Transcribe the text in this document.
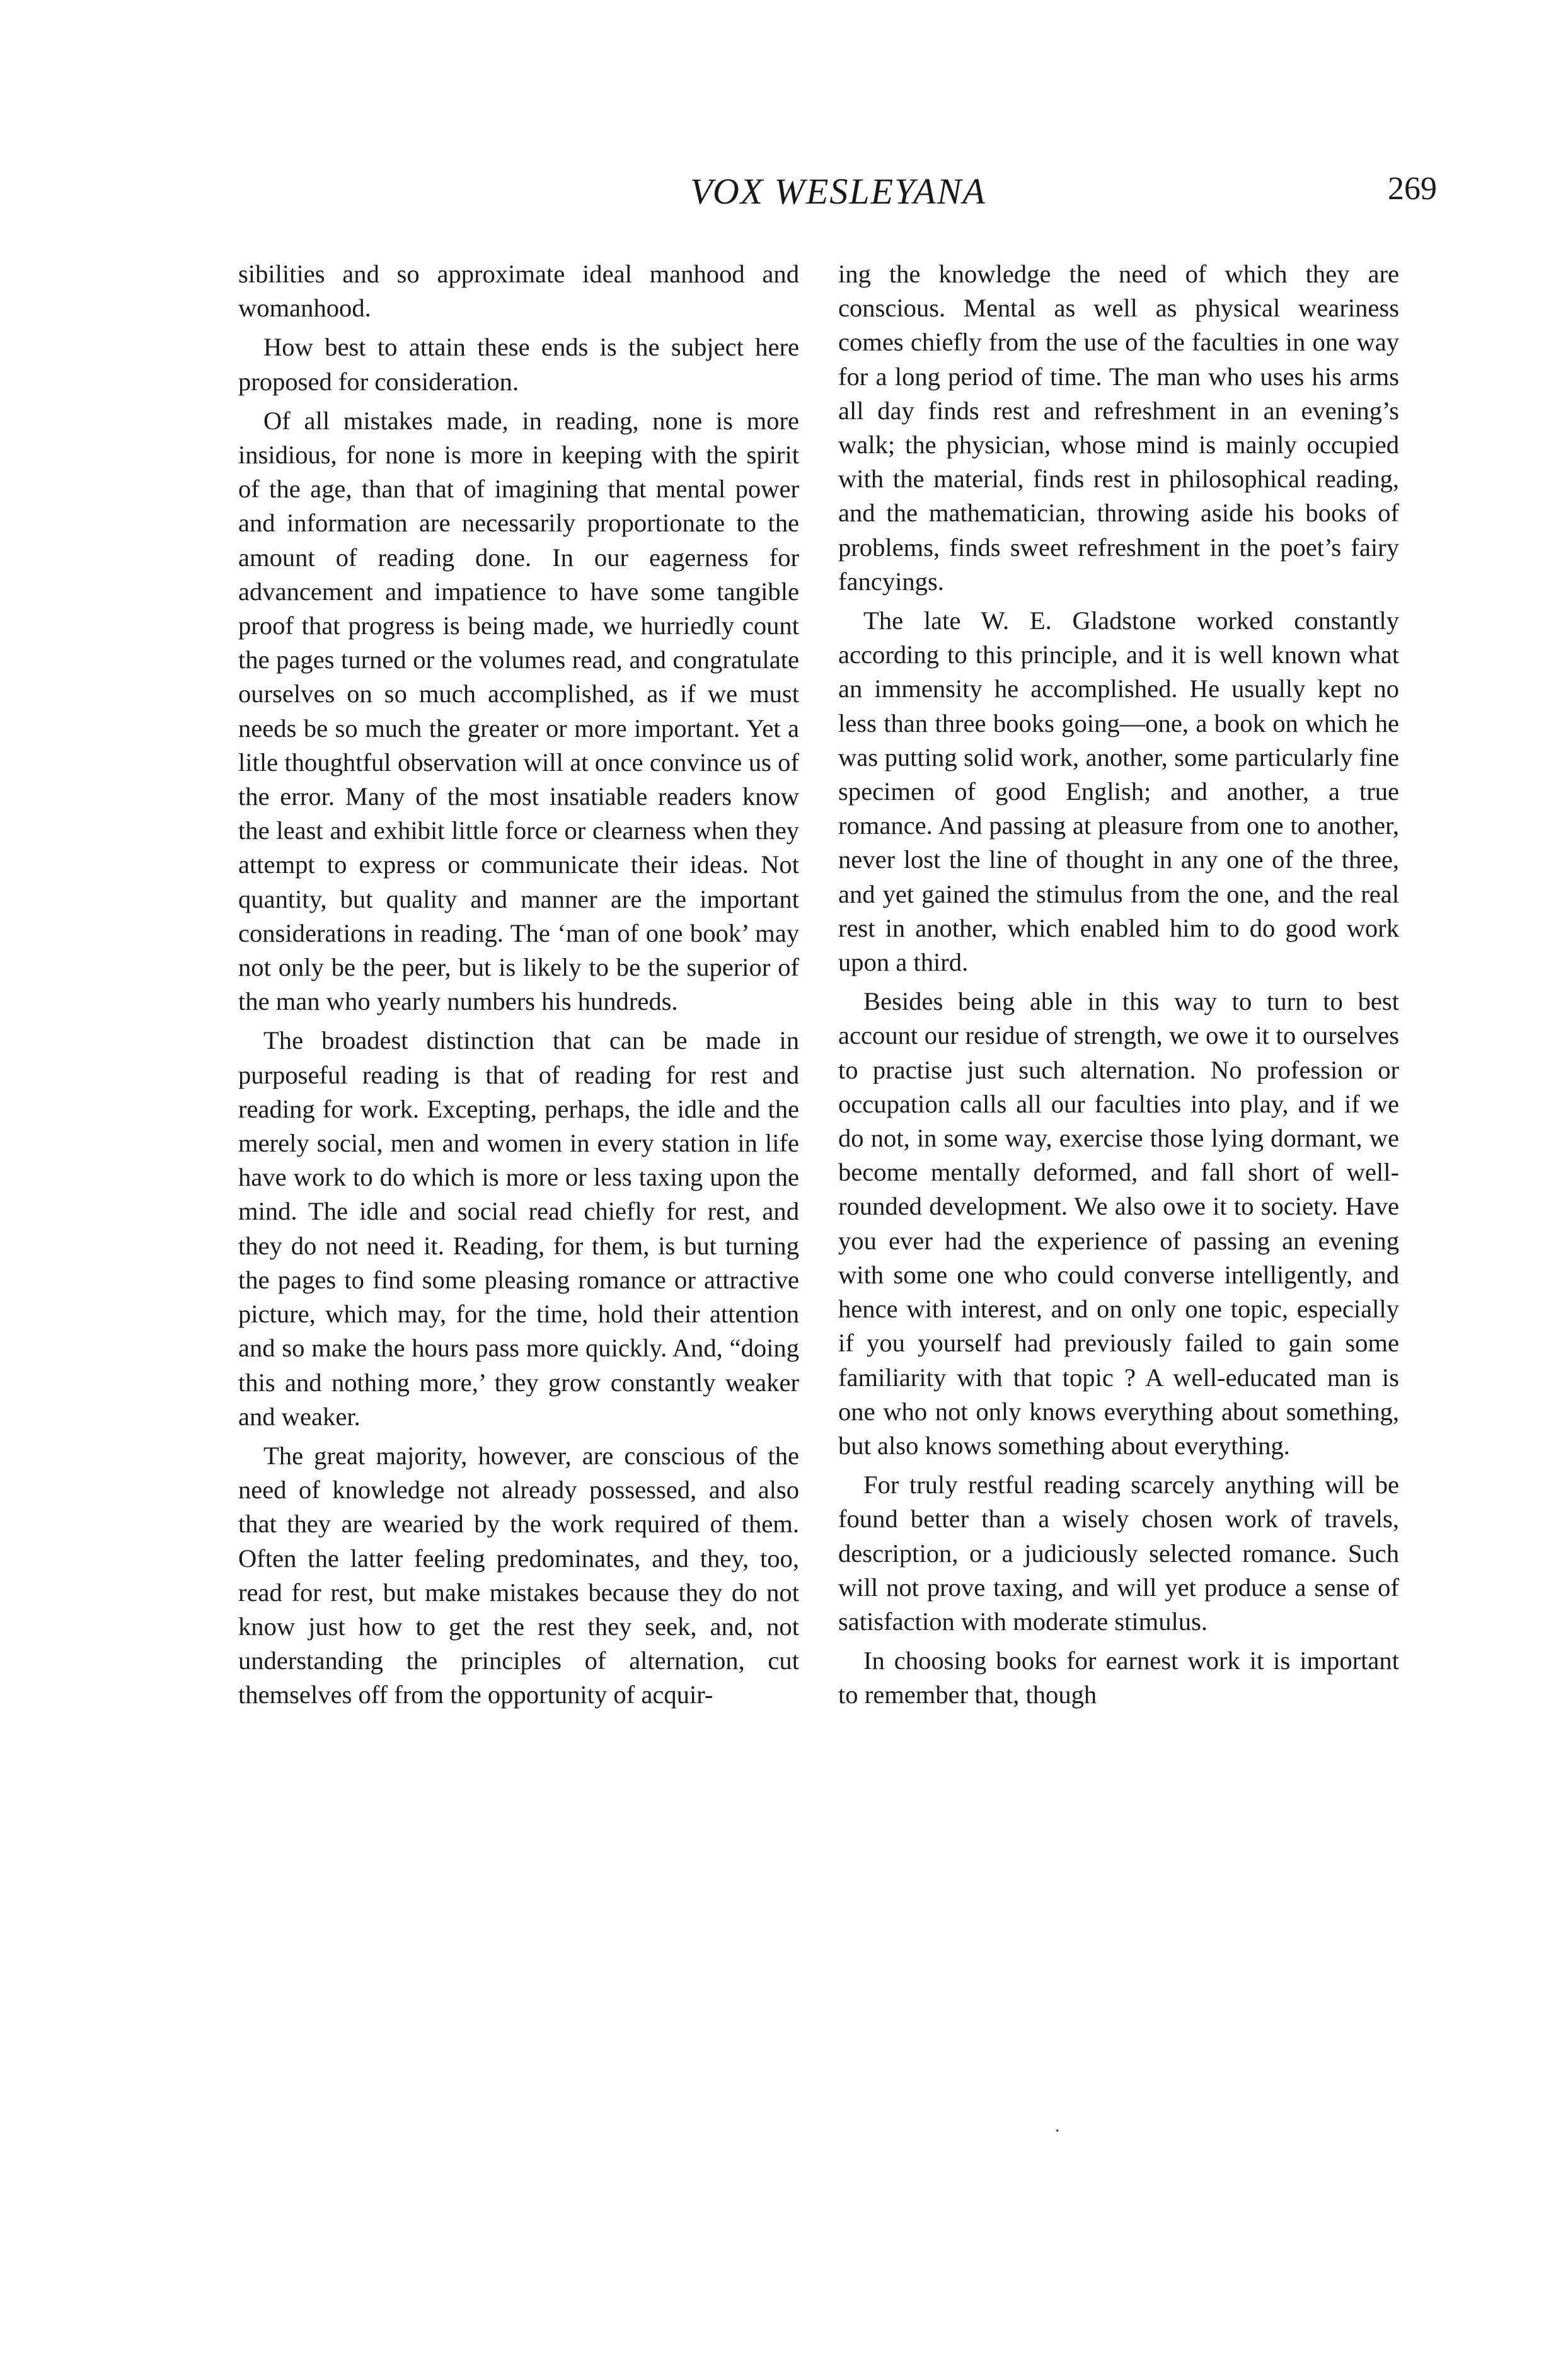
VOX WESLEYANA	269

sibilities and so approximate ideal manhood and womanhood.

How best to attain these ends is the subject here proposed for consideration.

Of all mistakes made, in reading, none is more insidious, for none is more in keeping with the spirit of the age, than that of imagining that mental power and information are necessarily proportionate to the amount of reading done. In our eagerness for advancement and impatience to have some tangible proof that progress is being made, we hurriedly count the pages turned or the volumes read, and congratulate ourselves on so much accomplished, as if we must needs be so much the greater or more important. Yet a litle thoughtful observation will at once convince us of the error. Many of the most insatiable readers know the least and exhibit little force or clearness when they attempt to express or communicate their ideas. Not quantity, but quality and manner are the important considerations in reading. The ‘man of one book’ may not only be the peer, but is likely to be the superior of the man who yearly numbers his hundreds.

The broadest distinction that can be made in purposeful reading is that of reading for rest and reading for work. Excepting, perhaps, the idle and the merely social, men and women in every station in life have work to do which is more or less taxing upon the mind. The idle and social read chiefly for rest, and they do not need it. Reading, for them, is but turning the pages to find some pleasing romance or attractive picture, which may, for the time, hold their attention and so make the hours pass more quickly. And, “doing this and nothing more,’ they grow constantly weaker and weaker.

The great majority, however, are conscious of the need of knowledge not already possessed, and also that they are wearied by the work required of them. Often the latter feeling predominates, and they, too, read for rest, but make mistakes because they do not know just how to get the rest they seek, and, not understanding the principles of alternation, cut themselves off from the opportunity of acquir-

ing the knowledge the need of which they are conscious. Mental as well as physical weariness comes chiefly from the use of the faculties in one way for a long period of time. The man who uses his arms all day finds rest and refreshment in an evening’s walk; the physician, whose mind is mainly occupied with the material, finds rest in philosophical reading, and the mathematician, throwing aside his books of problems, finds sweet refreshment in the poet’s fairy fancyings.

The late W. E. Gladstone worked constantly according to this principle, and it is well known what an immensity he accomplished. He usually kept no less than three books going—one, a book on which he was putting solid work, another, some particularly fine specimen of good English; and another, a true romance. And passing at pleasure from one to another, never lost the line of thought in any one of the three, and yet gained the stimulus from the one, and the real rest in another, which enabled him to do good work upon a third.

Besides being able in this way to turn to best account our residue of strength, we owe it to ourselves to practise just such alternation. No profession or occupation calls all our faculties into play, and if we do not, in some way, exercise those lying dormant, we become mentally deformed, and fall short of well-rounded development. We also owe it to society. Have you ever had the experience of passing an evening with some one who could converse intelligently, and hence with interest, and on only one topic, especially if you yourself had previously failed to gain some familiarity with that topic ? A well-educated man is one who not only knows everything about something, but also knows something about everything.

For truly restful reading scarcely anything will be found better than a wisely chosen work of travels, description, or a judiciously selected romance. Such will not prove taxing, and will yet produce a sense of satisfaction with moderate stimulus.

In choosing books for earnest work it is important to remember that, though

˙
